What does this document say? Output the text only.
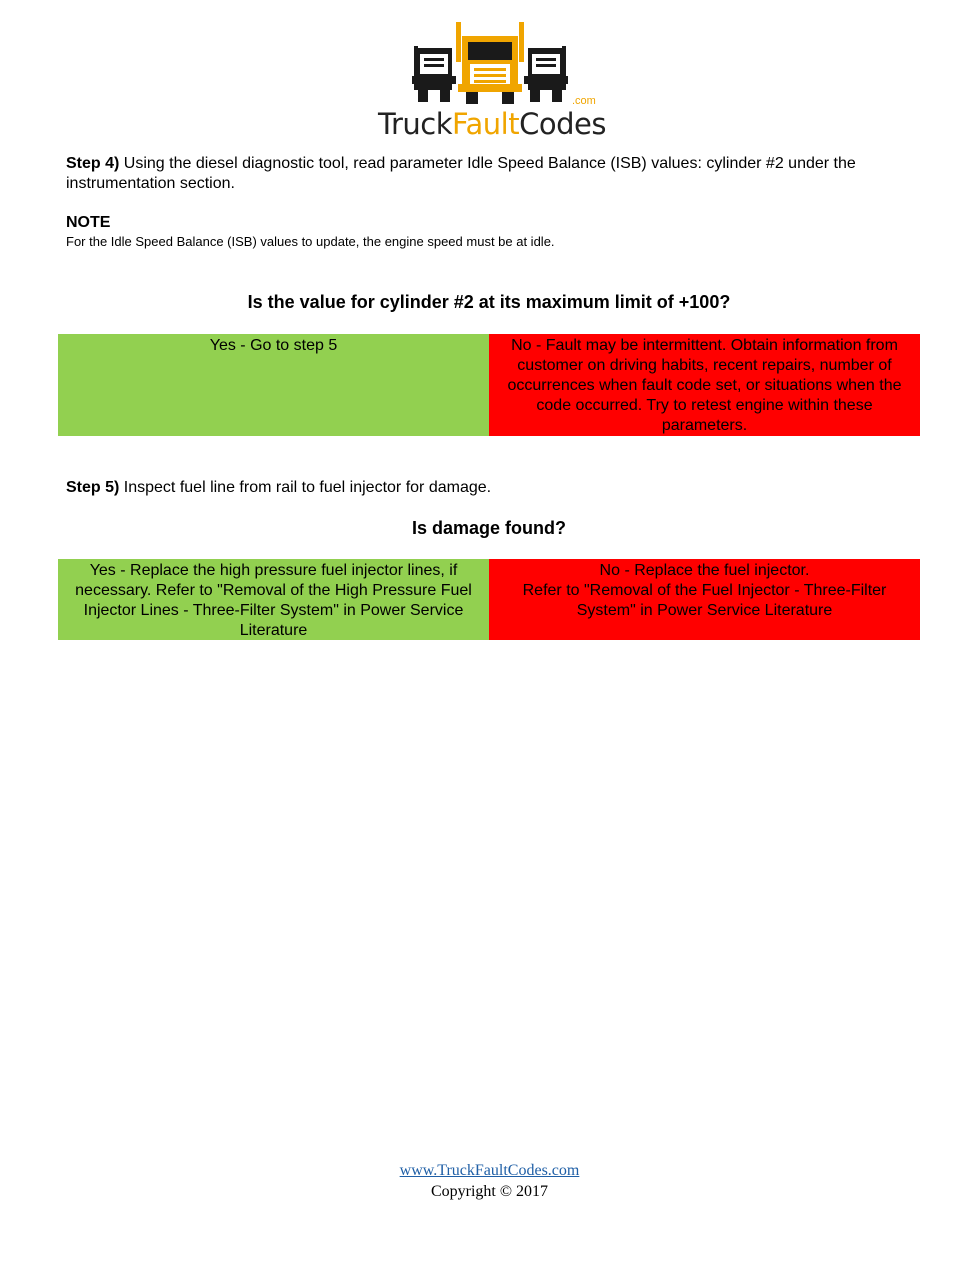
TruckFaultCodes
.com
Step 4) Using the diesel diagnostic tool, read parameter Idle Speed Balance (ISB) values: cylinder #2 under the instrumentation section.
NOTE
For the Idle Speed Balance (ISB) values to update, the engine speed must be at idle.
Is the value for cylinder #2 at its maximum limit of +100?
Yes - Go to step 5	No - Fault may be intermittent. Obtain information from customer on driving habits, recent repairs, number of occurrences when fault code set, or situations when the code occurred. Try to retest engine within these parameters.
Step 5) Inspect fuel line from rail to fuel injector for damage.
Is damage found?
Yes - Replace the high pressure fuel injector lines, if necessary. Refer to "Removal of the High Pressure Fuel Injector Lines - Three-Filter System" in Power Service Literature
No - Replace the fuel injector.
Refer to "Removal of the Fuel Injector - Three-Filter System" in Power Service Literature
www.TruckFaultCodes.com
Copyright © 2017
